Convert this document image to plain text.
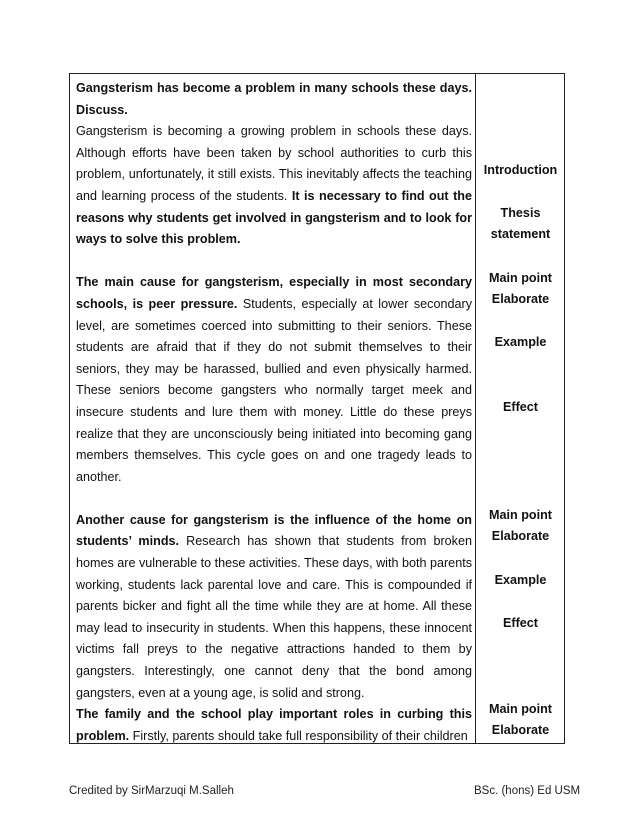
Gangsterism has become a problem in many schools these days. Discuss.

Gangsterism is becoming a growing problem in schools these days. Although efforts have been taken by school authorities to curb this problem, unfortunately, it still exists. This inevitably affects the teaching and learning process of the students. It is necessary to find out the reasons why students get involved in gangsterism and to look for ways to solve this problem.

The main cause for gangsterism, especially in most secondary schools, is peer pressure. Students, especially at lower secondary level, are sometimes coerced into submitting to their seniors. These students are afraid that if they do not submit themselves to their seniors, they may be harassed, bullied and even physically harmed. These seniors become gangsters who normally target meek and insecure students and lure them with money. Little do these preys realize that they are unconsciously being initiated into becoming gang members themselves. This cycle goes on and one tragedy leads to another.

Another cause for gangsterism is the influence of the home on students’ minds. Research has shown that students from broken homes are vulnerable to these activities. These days, with both parents working, students lack parental love and care. This is compounded if parents bicker and fight all the time while they are at home. All these may lead to insecurity in students. When this happens, these innocent victims fall preys to the negative attractions handed to them by gangsters. Interestingly, one cannot deny that the bond among gangsters, even at a young age, is solid and strong.

The family and the school play important roles in curbing this problem. Firstly, parents should take full responsibility of their children

Introduction
Thesis
statement
Main point
Elaborate
Example
Effect
Main point
Elaborate
Example
Effect
Main point
Elaborate
Credited by SirMarzuqi M.Salleh	BSc. (hons) Ed USM
